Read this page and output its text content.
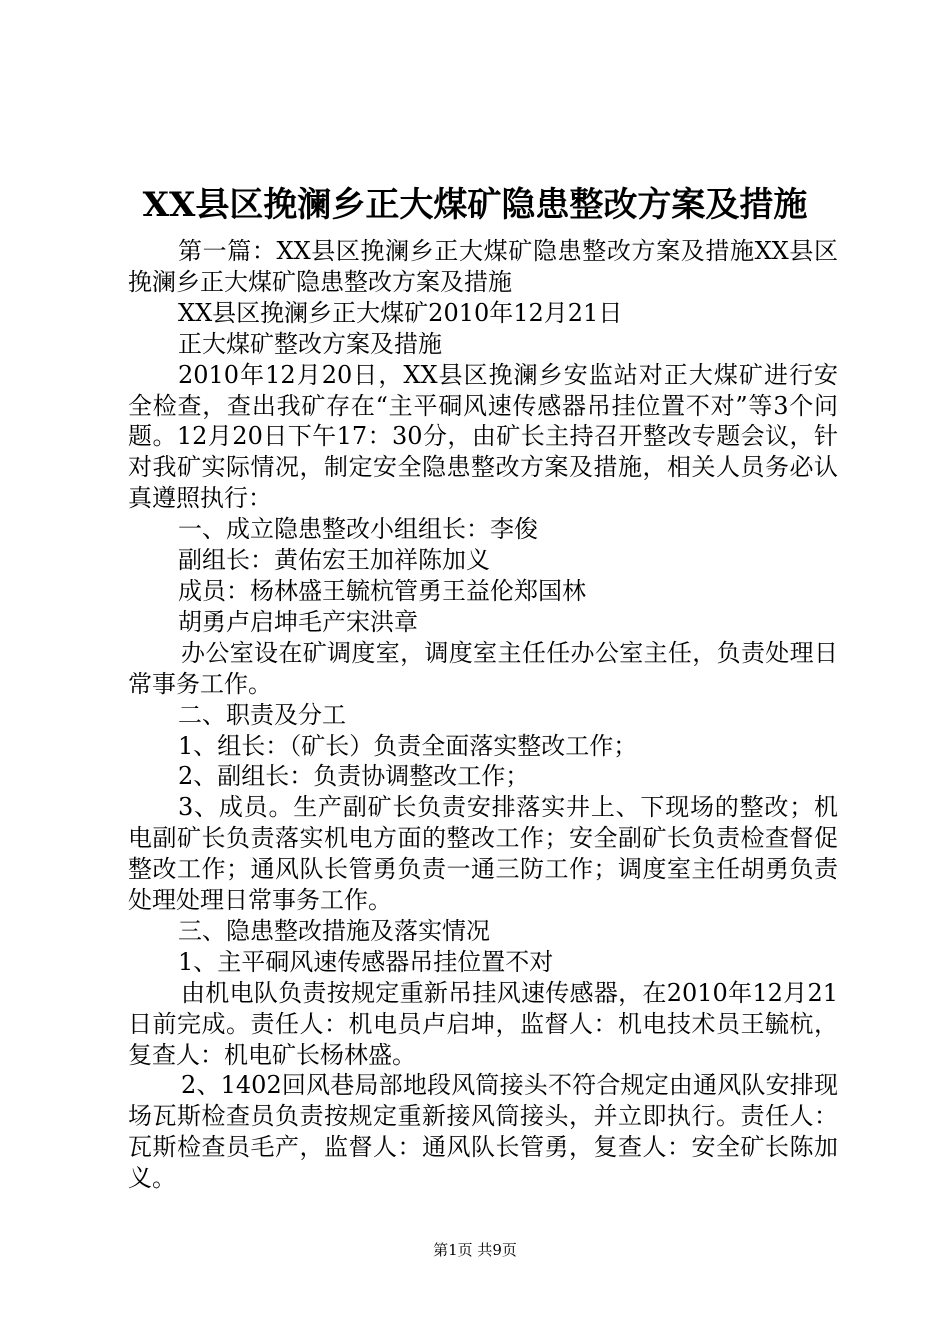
XX县区挽澜乡正大煤矿隐患整改方案及措施

第一篇：XX县区挽澜乡正大煤矿隐患整改方案及措施XX县区挽澜乡正大煤矿隐患整改方案及措施

XX县区挽澜乡正大煤矿2010年12月21日

正大煤矿整改方案及措施

2010年12月20日，XX县区挽澜乡安监站对正大煤矿进行安全检查，查出我矿存在“主平硐风速传感器吊挂位置不对”等3个问题。12月20日下午17：30分，由矿长主持召开整改专题会议，针对我矿实际情况，制定安全隐患整改方案及措施，相关人员务必认真遵照执行：

一、成立隐患整改小组组长：李俊

副组长：黄佑宏王加祥陈加义

成员：杨林盛王毓杭管勇王益伦郑国林

胡勇卢启坤毛产宋洪章

办公室设在矿调度室，调度室主任任办公室主任，负责处理日常事务工作。

二、职责及分工

1、组长：（矿长）负责全面落实整改工作；

2、副组长：负责协调整改工作；

3、成员。生产副矿长负责安排落实井上、下现场的整改；机电副矿长负责落实机电方面的整改工作；安全副矿长负责检查督促整改工作；通风队长管勇负责一通三防工作；调度室主任胡勇负责处理处理日常事务工作。

三、隐患整改措施及落实情况

1、主平硐风速传感器吊挂位置不对

由机电队负责按规定重新吊挂风速传感器，在2010年12月21日前完成。责任人：机电员卢启坤，监督人：机电技术员王毓杭，复查人：机电矿长杨林盛。

2、1402回风巷局部地段风筒接头不符合规定由通风队安排现场瓦斯检查员负责按规定重新接风筒接头，并立即执行。责任人：瓦斯检查员毛产，监督人：通风队长管勇，复查人：安全矿长陈加义。

第1页 共9页
